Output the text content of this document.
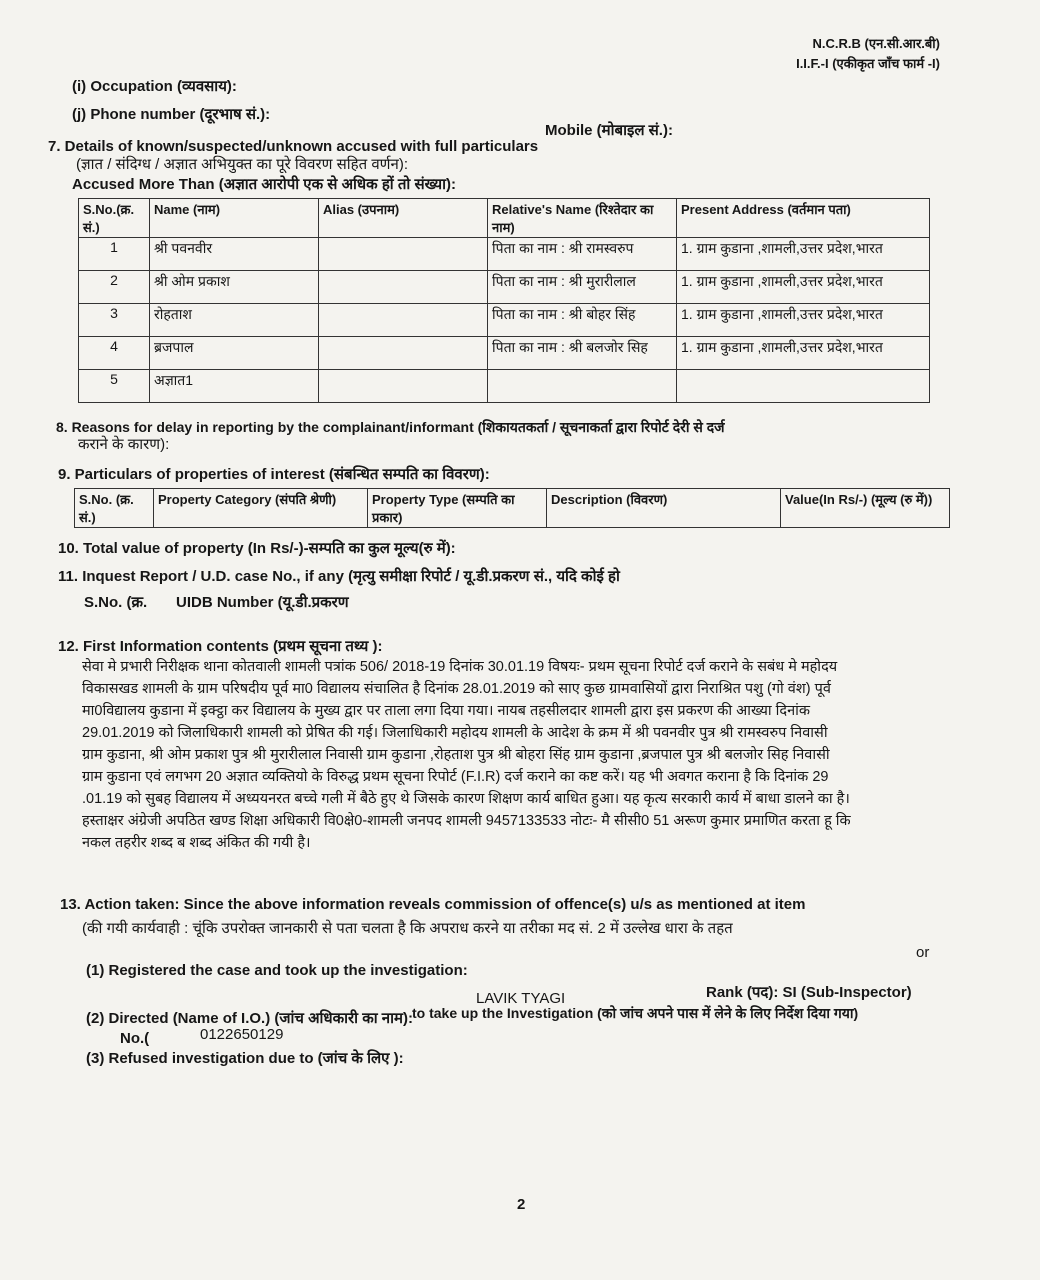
N.C.R.B (एन.सी.आर.बी)
I.I.F.-I (एकीकृत जाँच फार्म -I)
(i) Occupation (व्यवसाय):
(j) Phone number (दूरभाष सं.):
Mobile (मोबाइल सं.):
7. Details of known/suspected/unknown accused with full particulars
(ज्ञात / संदिग्ध / अज्ञात अभियुक्त का पूरे विवरण सहित वर्णन):
Accused More Than (अज्ञात आरोपी एक से अधिक हों तो संख्या):
S.No.(क्र. सं.)	Name (नाम)	Alias (उपनाम)	Relative's Name (रिश्तेदार का नाम)	Present Address (वर्तमान पता)
1	श्री पवनवीर		पिता का नाम : श्री रामस्वरुप	1. ग्राम कुडाना ,शामली,उत्तर प्रदेश,भारत
2	श्री ओम प्रकाश		पिता का नाम : श्री मुरारीलाल	1. ग्राम कुडाना ,शामली,उत्तर प्रदेश,भारत
3	रोहताश		पिता का नाम : श्री बोहर सिंह	1. ग्राम कुडाना ,शामली,उत्तर प्रदेश,भारत
4	ब्रजपाल		पिता का नाम : श्री बलजोर सिह	1. ग्राम कुडाना ,शामली,उत्तर प्रदेश,भारत
5	अज्ञात1			
8. Reasons for delay in reporting by the complainant/informant (शिकायतकर्ता / सूचनाकर्ता द्वारा रिपोर्ट देरी से दर्ज
कराने के कारण):
9. Particulars of properties of interest (संबन्धित सम्पति का विवरण):
S.No. (क्र. सं.)	Property Category (संपति श्रेणी)	Property Type (सम्पति का प्रकार)	Description (विवरण)	Value(In Rs/-) (मूल्य (रु में))
10. Total value of property (In Rs/-)-सम्पति का कुल मूल्य(रु में):
11. Inquest Report / U.D. case No., if any (मृत्यु समीक्षा रिपोर्ट / यू.डी.प्रकरण सं., यदि कोई हो
S.No. (क्र. UIDB Number (यू.डी.प्रकरण
12. First Information contents (प्रथम सूचना तथ्य ):
सेवा मे प्रभारी निरीक्षक थाना कोतवाली शामली पत्रांक 506/ 2018-19 दिनांक 30.01.19 विषयः- प्रथम सूचना रिपोर्ट दर्ज कराने के सबंध मे महोदय विकासखड शामली के ग्राम परिषदीय पूर्व मा0 विद्यालय संचालित है दिनांक 28.01.2019 को साए कुछ ग्रामवासियों द्वारा निराश्रित पशु (गो वंश) पूर्व मा0विद्यालय कुडाना में इक्ट्ठा कर विद्यालय के मुख्य द्वार पर ताला लगा दिया गया। नायब तहसीलदार शामली द्वारा इस प्रकरण की आख्या दिनांक 29.01.2019 को जिलाधिकारी शामली को प्रेषित की गई। जिलाधिकारी महोदय शामली के आदेश के क्रम में श्री पवनवीर पुत्र श्री रामस्वरुप निवासी ग्राम कुडाना, श्री ओम प्रकाश पुत्र श्री मुरारीलाल निवासी ग्राम कुडाना ,रोहताश पुत्र श्री बोहरा सिंह ग्राम कुडाना ,ब्रजपाल पुत्र श्री बलजोर सिह निवासी ग्राम कुडाना एवं लगभग 20 अज्ञात व्यक्तियो के विरुद्ध प्रथम सूचना रिपोर्ट (F.I.R) दर्ज कराने का कष्ट करें। यह भी अवगत कराना है कि दिनांक 29 .01.19 को सुबह विद्यालय में अध्ययनरत बच्चे गली में बैठे हुए थे जिसके कारण शिक्षण कार्य बाधित हुआ। यह कृत्य सरकारी कार्य में बाधा डालने का है। हस्ताक्षर अंग्रेजी अपठित खण्ड शिक्षा अधिकारी वि0क्षे0-शामली जनपद शामली 9457133533 नोटः- मै सीसी0 51 अरूण कुमार प्रमाणित करता हू कि नकल तहरीर शब्द ब शब्द अंकित की गयी है।
13. Action taken: Since the above information reveals commission of offence(s) u/s as mentioned at item
(की गयी कार्यवाही : चूंकि उपरोक्त जानकारी से पता चलता है कि अपराध करने या तरीका मद सं. 2 में उल्लेख धारा के तहत
or
(1) Registered the case and took up the investigation:
(2) Directed (Name of I.O.) (जांच अधिकारी का नाम):
LAVIK TYAGI	Rank (पद): SI (Sub-Inspector)
No.(	0122650129
to take up the Investigation (को जांच अपने पास में लेने के लिए निर्देश दिया गया)
(3) Refused investigation due to (जांच के लिए ):
2
